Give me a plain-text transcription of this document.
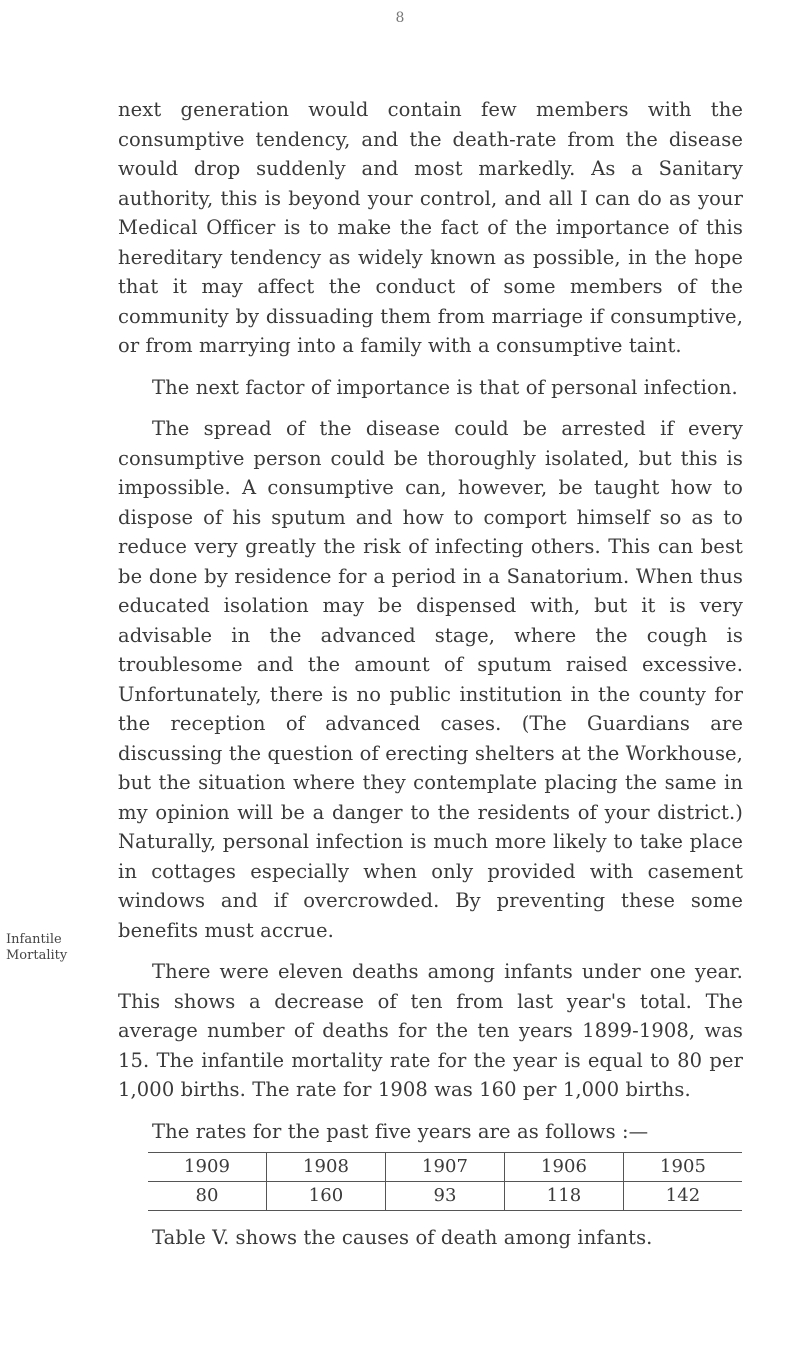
8
Infantile Mortality

next generation would contain few members with the consumptive tendency, and the death-rate from the disease would drop suddenly and most markedly. As a Sanitary authority, this is beyond your control, and all I can do as your Medical Officer is to make the fact of the importance of this hereditary tendency as widely known as possible, in the hope that it may affect the conduct of some members of the community by dissuading them from marriage if consumptive, or from marrying into a family with a consumptive taint.

The next factor of importance is that of personal infection.

The spread of the disease could be arrested if every consumptive person could be thoroughly isolated, but this is impossible. A consumptive can, however, be taught how to dispose of his sputum and how to comport himself so as to reduce very greatly the risk of infecting others. This can best be done by residence for a period in a Sanatorium. When thus educated isolation may be dispensed with, but it is very advisable in the advanced stage, where the cough is troublesome and the amount of sputum raised excessive. Unfortunately, there is no public institution in the county for the reception of advanced cases. (The Guardians are discussing the question of erecting shelters at the Workhouse, but the situation where they contemplate placing the same in my opinion will be a danger to the residents of your district.) Naturally, personal infection is much more likely to take place in cottages especially when only provided with casement windows and if overcrowded. By preventing these some benefits must accrue.

There were eleven deaths among infants under one year. This shows a decrease of ten from last year's total. The average number of deaths for the ten years 1899-1908, was 15. The infantile mortality rate for the year is equal to 80 per 1,000 births. The rate for 1908 was 160 per 1,000 births.

The rates for the past five years are as follows :—

1909	1908	1907	1906	1905
80	160	93	118	142

Table V. shows the causes of death among infants.
